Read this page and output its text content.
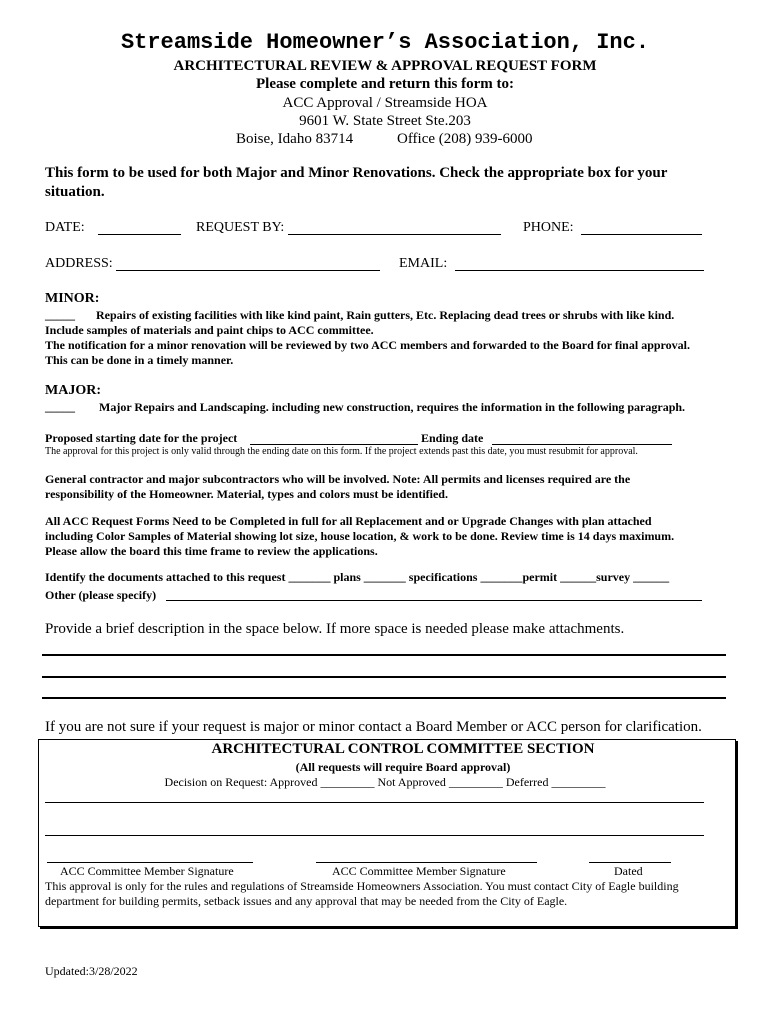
Streamside Homeowner’s Association, Inc.
ARCHITECTURAL REVIEW & APPROVAL REQUEST FORM
Please complete and return this form to:
ACC Approval / Streamside HOA
9601 W. State Street Ste.203
Boise, Idaho 83714	Office (208) 939-6000
This form to be used for both Major and Minor Renovations. Check the appropriate box for your
situation.
DATE:	REQUEST BY:	PHONE:
ADDRESS:	EMAIL:
MINOR:
_____ Repairs of existing facilities with like kind paint, Rain gutters, Etc. Replacing dead trees or shrubs with like kind.
Include samples of materials and paint chips to ACC committee.
The notification for a minor renovation will be reviewed by two ACC members and forwarded to the Board for final approval.
This can be done in a timely manner.
MAJOR:
_____ Major Repairs and Landscaping. including new construction, requires the information in the following paragraph.
Proposed starting date for the project	Ending date
The approval for this project is only valid through the ending date on this form. If the project extends past this date, you must resubmit for approval.
General contractor and major subcontractors who will be involved. Note: All permits and licenses required are the
responsibility of the Homeowner. Material, types and colors must be identified.
All ACC Request Forms Need to be Completed in full for all Replacement and or Upgrade Changes with plan attached
including Color Samples of Material showing lot size, house location, & work to be done. Review time is 14 days maximum.
Please allow the board this time frame to review the applications.
Identify the documents attached to this request _______ plans _______ specifications _______permit ______survey ______
Other (please specify)
Provide a brief description in the space below. If more space is needed please make attachments.
If you are not sure if your request is major or minor contact a Board Member or ACC person for clarification.
ARCHITECTURAL CONTROL COMMITTEE SECTION
(All requests will require Board approval)
Decision on Request: Approved _________ Not Approved _________ Deferred _________
ACC Committee Member Signature	ACC Committee Member Signature	Dated
This approval is only for the rules and regulations of Streamside Homeowners Association. You must contact City of Eagle building
department for building permits, setback issues and any approval that may be needed from the City of Eagle.
Updated:3/28/2022
